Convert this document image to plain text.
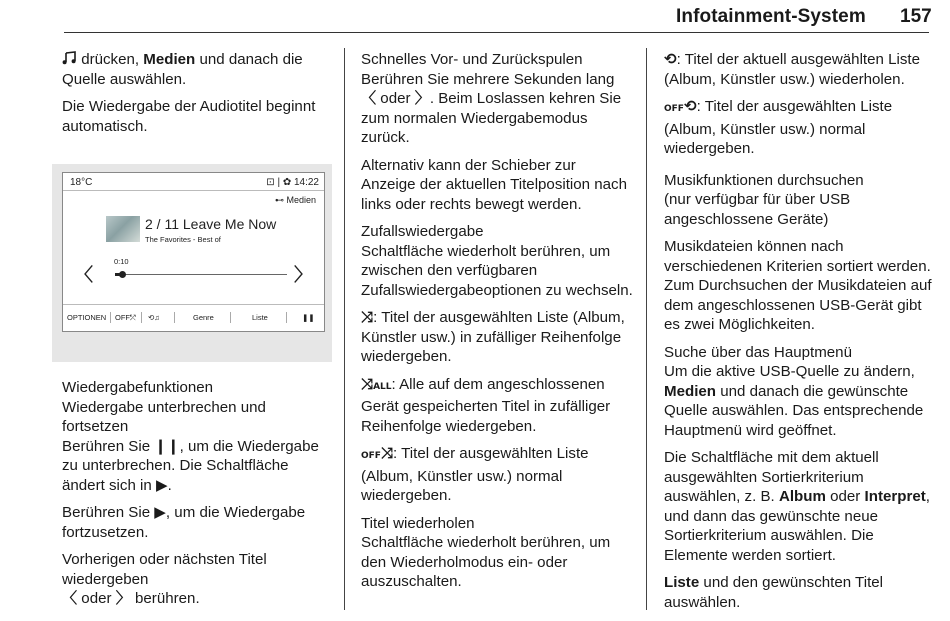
Infotainment-System 157

drücken, Medien und danach die Quelle auswählen.

Die Wiedergabe der Audiotitel beginnt automatisch.

18°C	⊡ | ✿ 14:22
⊷ Medien
2 / 11 Leave Me Now
The Favorites - Best of
0:10
〈	〉
OPTIONEN OFF⤱ ⟲♫	Genre	Liste	❚❚
Wiedergabefunktionen
Wiedergabe unterbrechen und fortsetzen

Berühren Sie ❙❙, um die Wiedergabe zu unterbrechen. Die Schaltfläche ändert sich in ▶.

Berühren Sie ▶, um die Wiedergabe fortzusetzen.

Vorherigen oder nächsten Titel wiedergeben

〈 oder 〉 berühren.

Schnelles Vor- und Zurückspulen

Berühren Sie mehrere Sekunden lang 〈 oder 〉. Beim Loslassen kehren Sie zum normalen Wiedergabemodus zurück.

Alternativ kann der Schieber zur Anzeige der aktuellen Titelposition nach links oder rechts bewegt werden.

Zufallswiedergabe

Schaltfläche wiederholt berühren, um zwischen den verfügbaren Zufallswiedergabeoptionen zu wechseln.

⤨: Titel der ausgewählten Liste (Album, Künstler usw.) in zufälliger Reihenfolge wiedergeben.

⤨ALL: Alle auf dem angeschlossenen Gerät gespeicherten Titel in zufälliger Reihenfolge wiedergeben.

OFF⤨: Titel der ausgewählten Liste (Album, Künstler usw.) normal wiedergeben.

Titel wiederholen

Schaltfläche wiederholt berühren, um den Wiederholmodus ein- oder auszuschalten.

⟲: Titel der aktuell ausgewählten Liste (Album, Künstler usw.) wiederholen.

OFF⟲: Titel der ausgewählten Liste (Album, Künstler usw.) normal wiedergeben.

Musikfunktionen durchsuchen

(nur verfügbar für über USB angeschlossene Geräte)

Musikdateien können nach verschiedenen Kriterien sortiert werden. Zum Durchsuchen der Musikdateien auf dem angeschlossenen USB-Gerät gibt es zwei Möglichkeiten.

Suche über das Hauptmenü

Um die aktive USB-Quelle zu ändern, Medien und danach die gewünschte Quelle auswählen. Das entsprechende Hauptmenü wird geöffnet.

Die Schaltfläche mit dem aktuell ausgewählten Sortierkriterium auswählen, z. B. Album oder Interpret, und dann das gewünschte neue Sortierkriterium auswählen. Die Elemente werden sortiert.

Liste und den gewünschten Titel auswählen.
